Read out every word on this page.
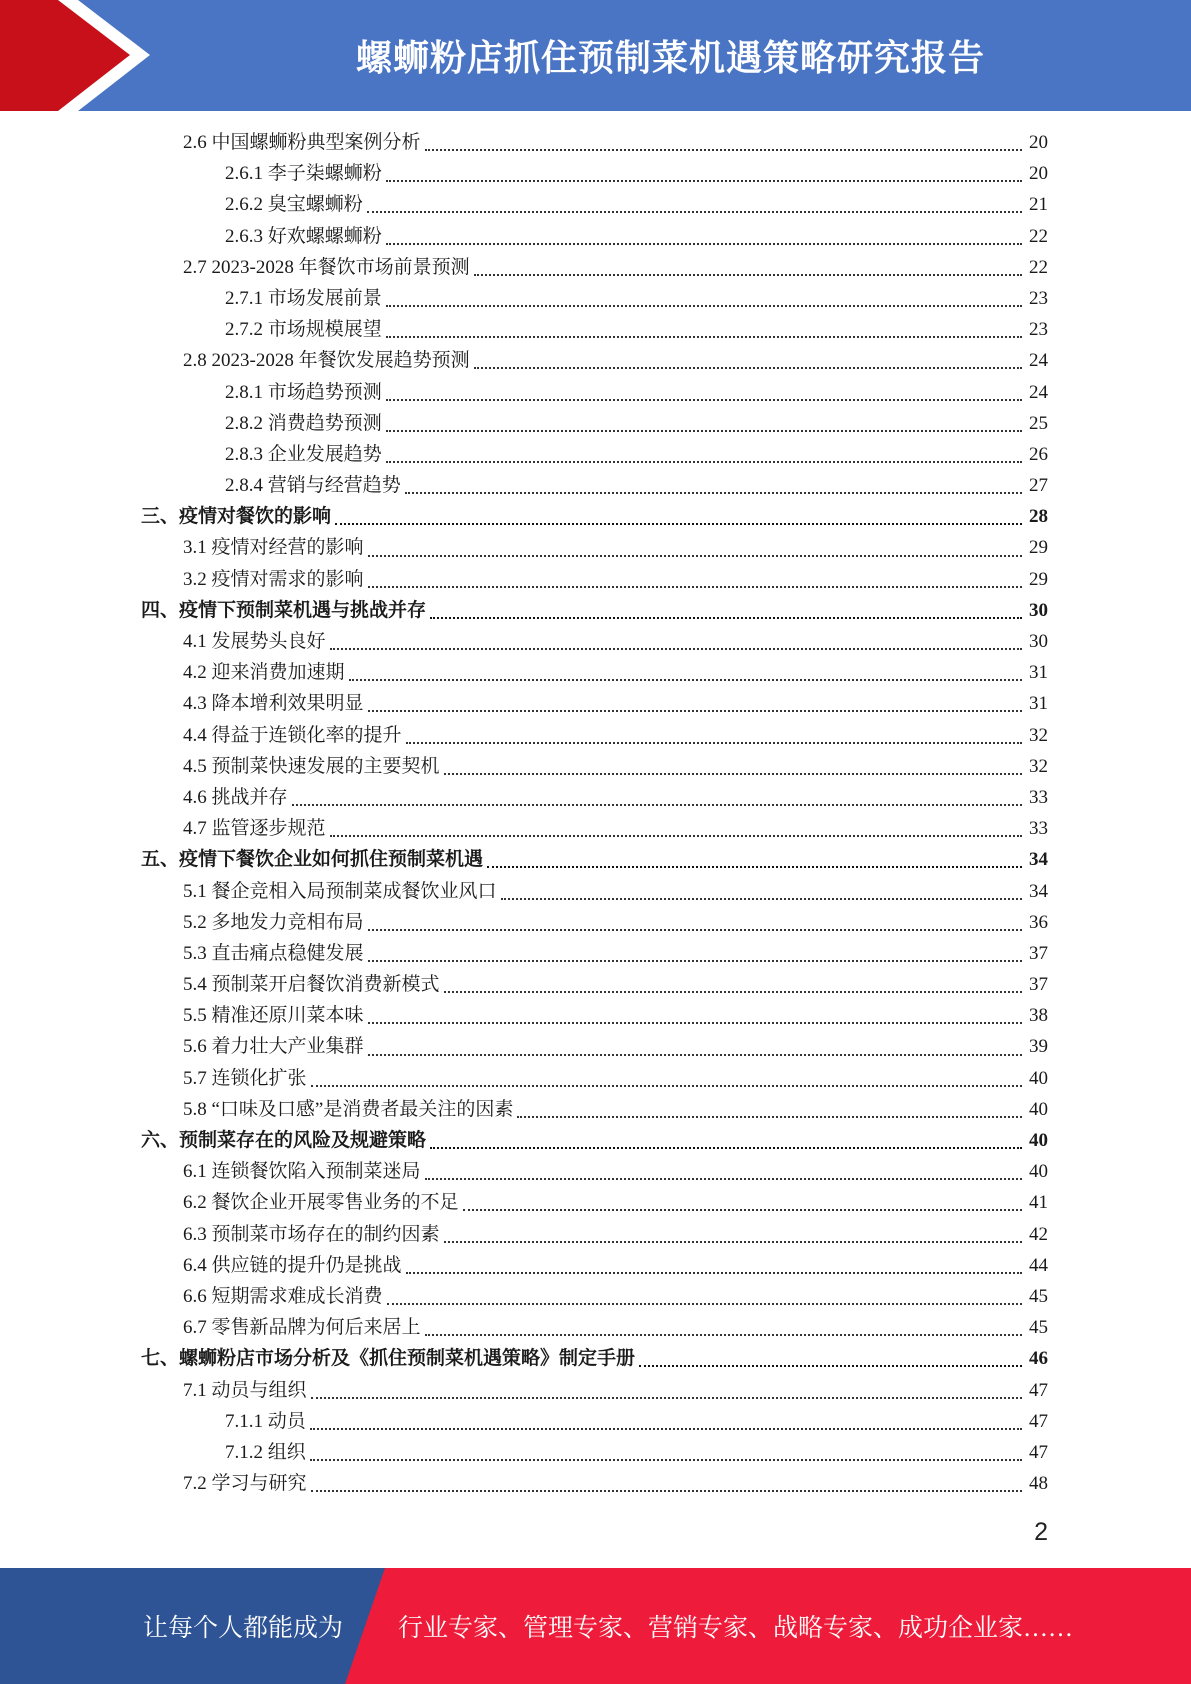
螺蛳粉店抓住预制菜机遇策略研究报告
2.6 中国螺蛳粉典型案例分析	20
2.6.1 李子柒螺蛳粉	20
2.6.2 臭宝螺蛳粉	21
2.6.3 好欢螺螺蛳粉	22
2.7 2023-2028 年餐饮市场前景预测	22
2.7.1 市场发展前景	23
2.7.2 市场规模展望	23
2.8 2023-2028 年餐饮发展趋势预测	24
2.8.1 市场趋势预测	24
2.8.2 消费趋势预测	25
2.8.3 企业发展趋势	26
2.8.4 营销与经营趋势	27
三、疫情对餐饮的影响	28
3.1 疫情对经营的影响	29
3.2 疫情对需求的影响	29
四、疫情下预制菜机遇与挑战并存	30
4.1 发展势头良好	30
4.2 迎来消费加速期	31
4.3 降本增利效果明显	31
4.4 得益于连锁化率的提升	32
4.5 预制菜快速发展的主要契机	32
4.6 挑战并存	33
4.7 监管逐步规范	33
五、疫情下餐饮企业如何抓住预制菜机遇	34
5.1 餐企竞相入局预制菜成餐饮业风口	34
5.2 多地发力竞相布局	36
5.3 直击痛点稳健发展	37
5.4 预制菜开启餐饮消费新模式	37
5.5 精准还原川菜本味	38
5.6 着力壮大产业集群	39
5.7 连锁化扩张	40
5.8 “口味及口感”是消费者最关注的因素	40
六、预制菜存在的风险及规避策略	40
6.1 连锁餐饮陷入预制菜迷局	40
6.2 餐饮企业开展零售业务的不足	41
6.3 预制菜市场存在的制约因素	42
6.4 供应链的提升仍是挑战	44
6.6 短期需求难成长消费	45
6.7 零售新品牌为何后来居上	45
七、螺蛳粉店市场分析及《抓住预制菜机遇策略》制定手册	46
7.1 动员与组织	47
7.1.1 动员	47
7.1.2 组织	47
7.2 学习与研究	48
2
让每个人都能成为 行业专家、管理专家、营销专家、战略专家、成功企业家……
